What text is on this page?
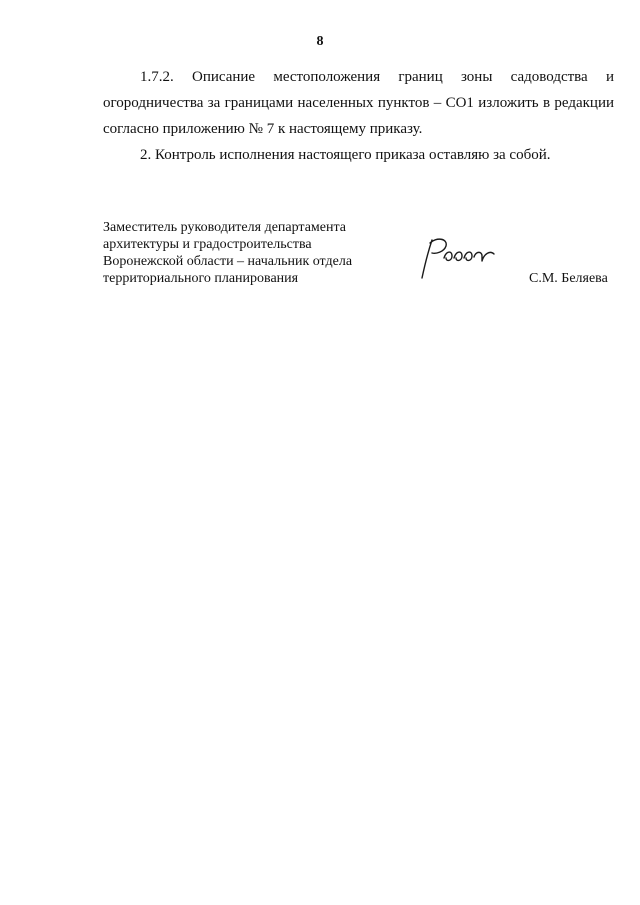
8
1.7.2. Описание местоположения границ зоны садоводства и
огородничества за границами населенных пунктов – СО1 изложить в редакции
согласно приложению № 7 к настоящему приказу.
2. Контроль исполнения настоящего приказа оставляю за собой.
Заместитель руководителя департамента
архитектуры и градостроительства
Воронежской области – начальник отдела
территориального планирования	С.М. Беляева
